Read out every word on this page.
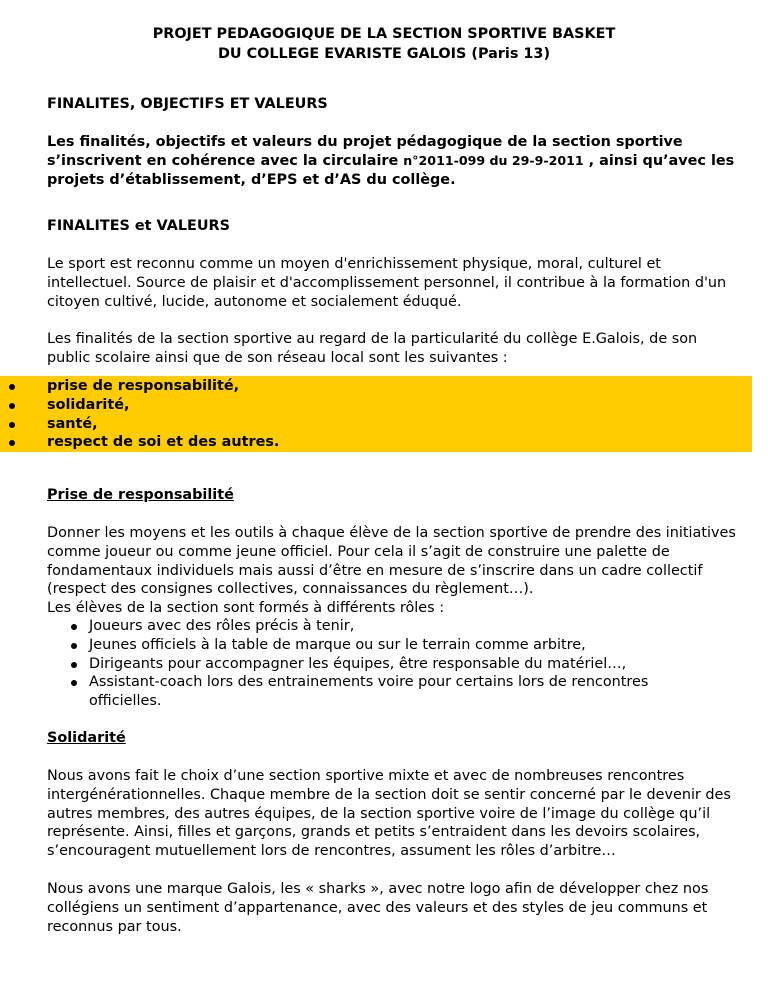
PROJET PEDAGOGIQUE DE LA SECTION SPORTIVE BASKET
DU COLLEGE EVARISTE GALOIS (Paris 13)

FINALITES, OBJECTIFS ET VALEURS

Les finalités, objectifs et valeurs du projet pédagogique de la section sportive s’inscrivent en cohérence avec la circulaire n°2011-099 du 29-9-2011 , ainsi qu’avec les projets d’établissement, d’EPS et d’AS du collège.

FINALITES et VALEURS

Le sport est reconnu comme un moyen d'enrichissement physique, moral, culturel et intellectuel. Source de plaisir et d'accomplissement personnel, il contribue à la formation d'un citoyen cultivé, lucide, autonome et socialement éduqué.

Les finalités de la section sportive au regard de la particularité du collège E.Galois, de son public scolaire ainsi que de son réseau local sont les suivantes :

prise de responsabilité,
solidarité,
santé,
respect de soi et des autres.

Prise de responsabilité

Donner les moyens et les outils à chaque élève de la section sportive de prendre des initiatives comme joueur ou comme jeune officiel. Pour cela il s’agit de construire une palette de fondamentaux individuels mais aussi d’être en mesure de s’inscrire dans un cadre collectif (respect des consignes collectives, connaissances du règlement…).

Les élèves de la section sont formés à différents rôles :

Joueurs avec des rôles précis à tenir,
Jeunes officiels à la table de marque ou sur le terrain comme arbitre,
Dirigeants pour accompagner les équipes, être responsable du matériel…,
Assistant-coach lors des entrainements voire pour certains lors de rencontres officielles.

Solidarité

Nous avons fait le choix d’une section sportive mixte et avec de nombreuses rencontres intergénérationnelles. Chaque membre de la section doit se sentir concerné par le devenir des autres membres, des autres équipes, de la section sportive voire de l’image du collège qu’il représente. Ainsi, filles et garçons, grands et petits s’entraident dans les devoirs scolaires, s’encouragent mutuellement lors de rencontres, assument les rôles d’arbitre…

Nous avons une marque Galois, les « sharks », avec notre logo afin de développer chez nos collégiens un sentiment d’appartenance, avec des valeurs et des styles de jeu communs et reconnus par tous.
